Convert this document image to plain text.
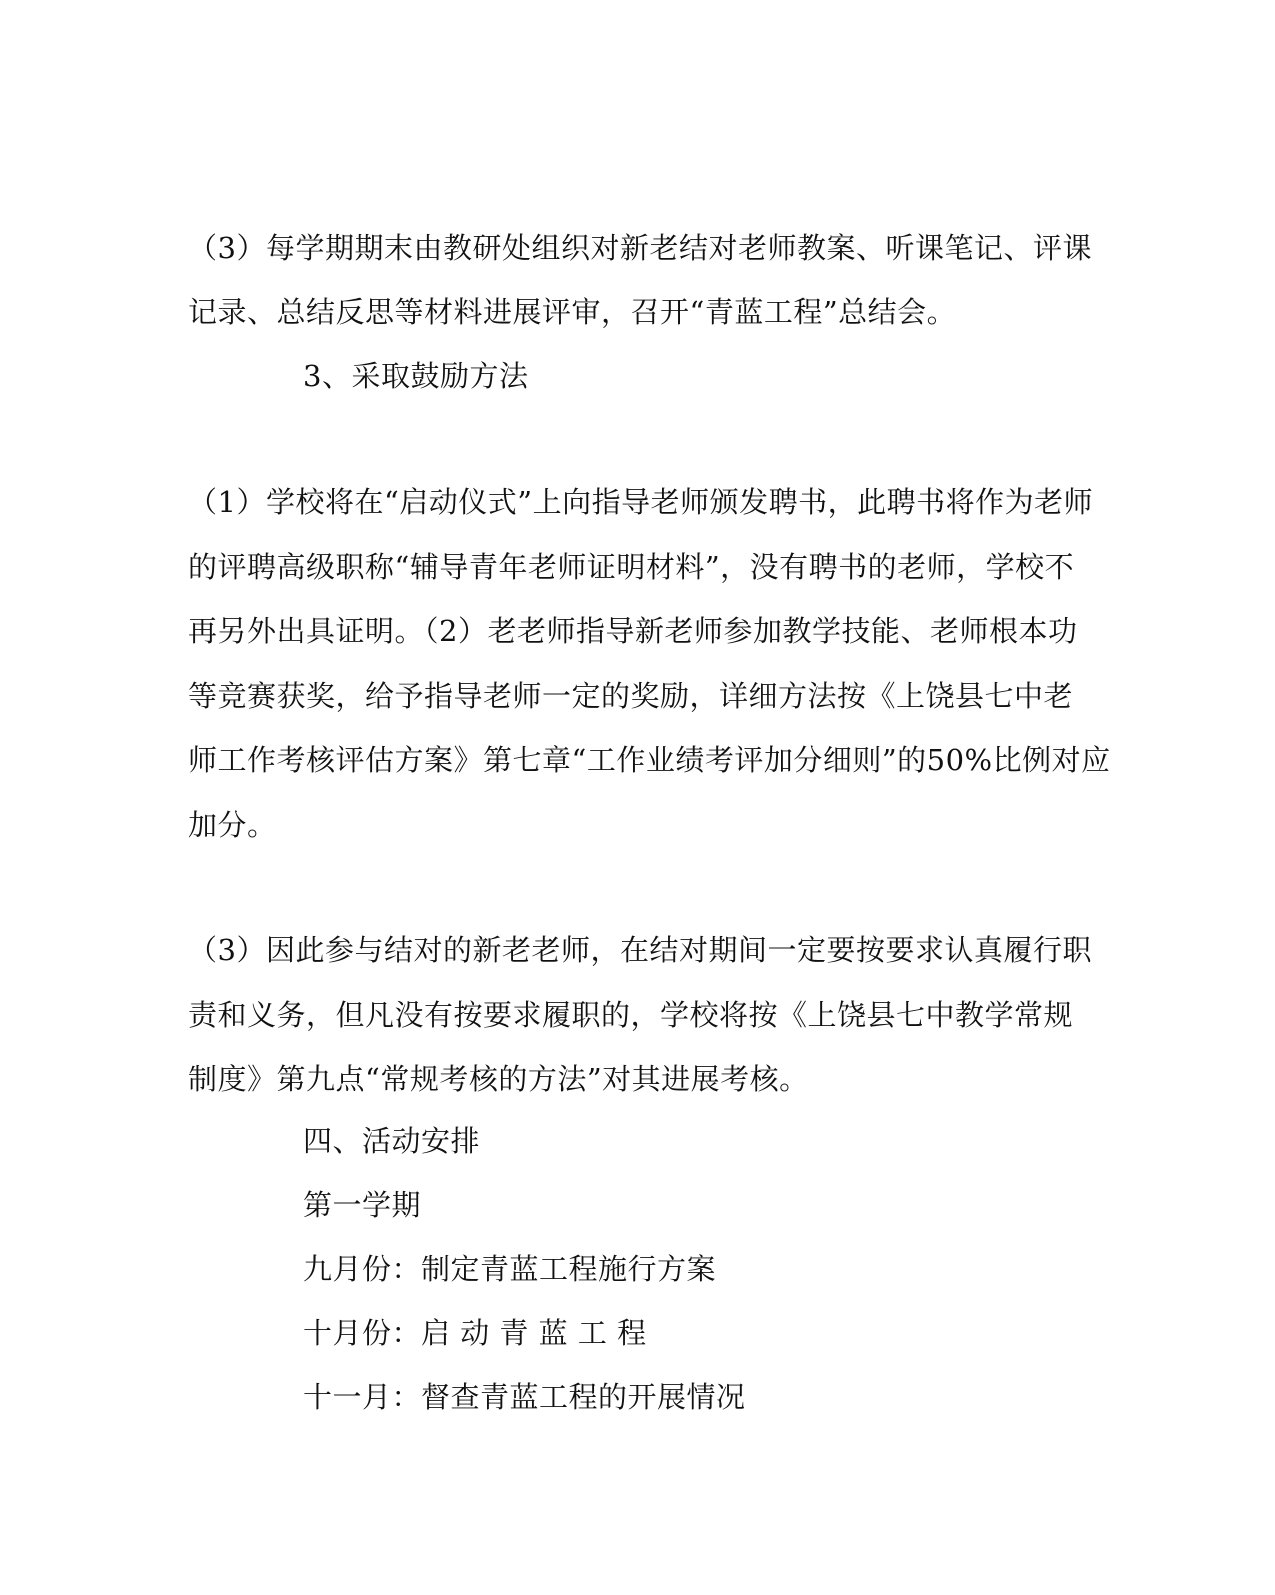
（3）每学期期末由教研处组织对新老结对老师教案、听课笔记、评课
记录、总结反思等材料进展评审，召开“青蓝工程”总结会。
3、采取鼓励方法
（1）学校将在“启动仪式”上向指导老师颁发聘书，此聘书将作为老师
的评聘高级职称“辅导青年老师证明材料”，没有聘书的老师，学校不
再另外出具证明。（2）老老师指导新老师参加教学技能、老师根本功
等竞赛获奖，给予指导老师一定的奖励，详细方法按《上饶县七中老
师工作考核评估方案》第七章“工作业绩考评加分细则”的50%比例对应
加分。
（3）因此参与结对的新老老师，在结对期间一定要按要求认真履行职
责和义务，但凡没有按要求履职的，学校将按《上饶县七中教学常规
制度》第九点“常规考核的方法”对其进展考核。
四、活动安排
第一学期
九月份：制定青蓝工程施行方案
十月份：启 动 青 蓝 工 程
十一月：督查青蓝工程的开展情况
